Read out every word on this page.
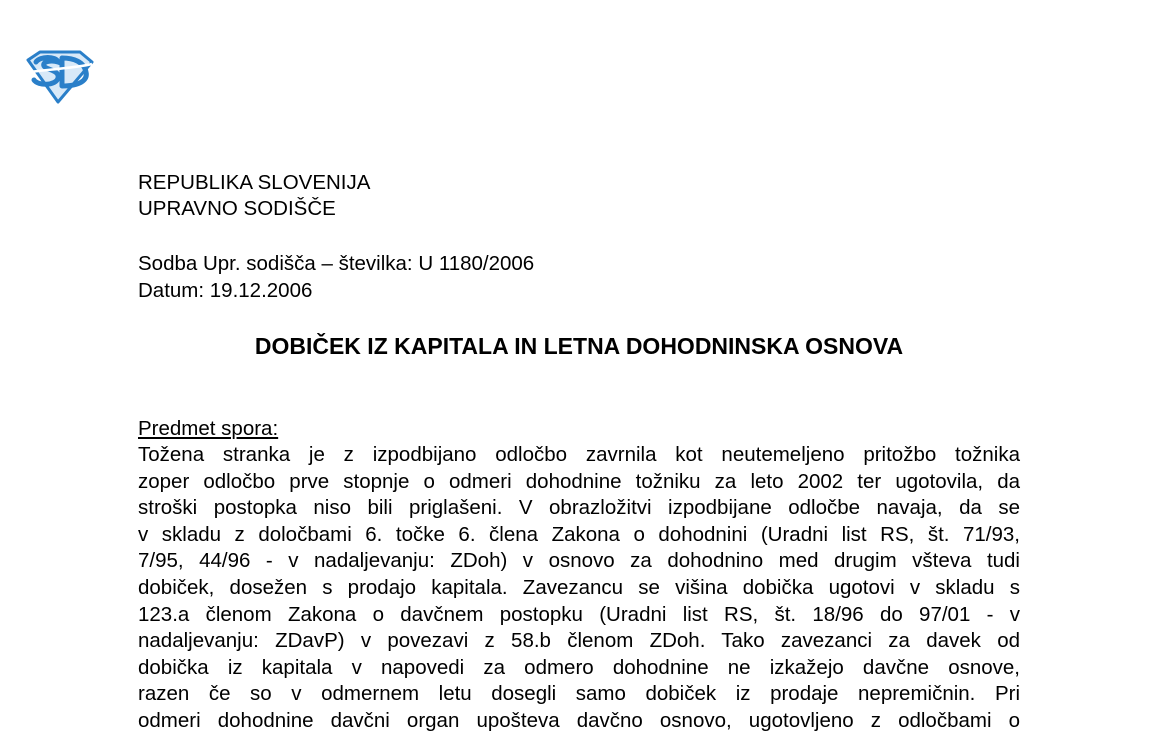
REPUBLIKA SLOVENIJA
UPRAVNO SODIŠČE
Sodba Upr. sodišča – številka: U 1180/2006
Datum: 19.12.2006
DOBIČEK IZ KAPITALA IN LETNA DOHODNINSKA OSNOVA
Predmet spora:
Tožena stranka je z izpodbijano odločbo zavrnila kot neutemeljeno pritožbo tožnika
zoper odločbo prve stopnje o odmeri dohodnine tožniku za leto 2002 ter ugotovila, da
stroški postopka niso bili priglašeni. V obrazložitvi izpodbijane odločbe navaja, da se
v skladu z določbami 6. točke 6. člena Zakona o dohodnini (Uradni list RS, št. 71/93,
7/95, 44/96 - v nadaljevanju: ZDoh) v osnovo za dohodnino med drugim všteva tudi
dobiček, dosežen s prodajo kapitala. Zavezancu se višina dobička ugotovi v skladu s
123.a členom Zakona o davčnem postopku (Uradni list RS, št. 18/96 do 97/01 - v
nadaljevanju: ZDavP) v povezavi z 58.b členom ZDoh. Tako zavezanci za davek od
dobička iz kapitala v napovedi za odmero dohodnine ne izkažejo davčne osnove,
razen če so v odmernem letu dosegli samo dobiček iz prodaje nepremičnin. Pri
odmeri dohodnine davčni organ upošteva davčno osnovo, ugotovljeno z odločbami o
